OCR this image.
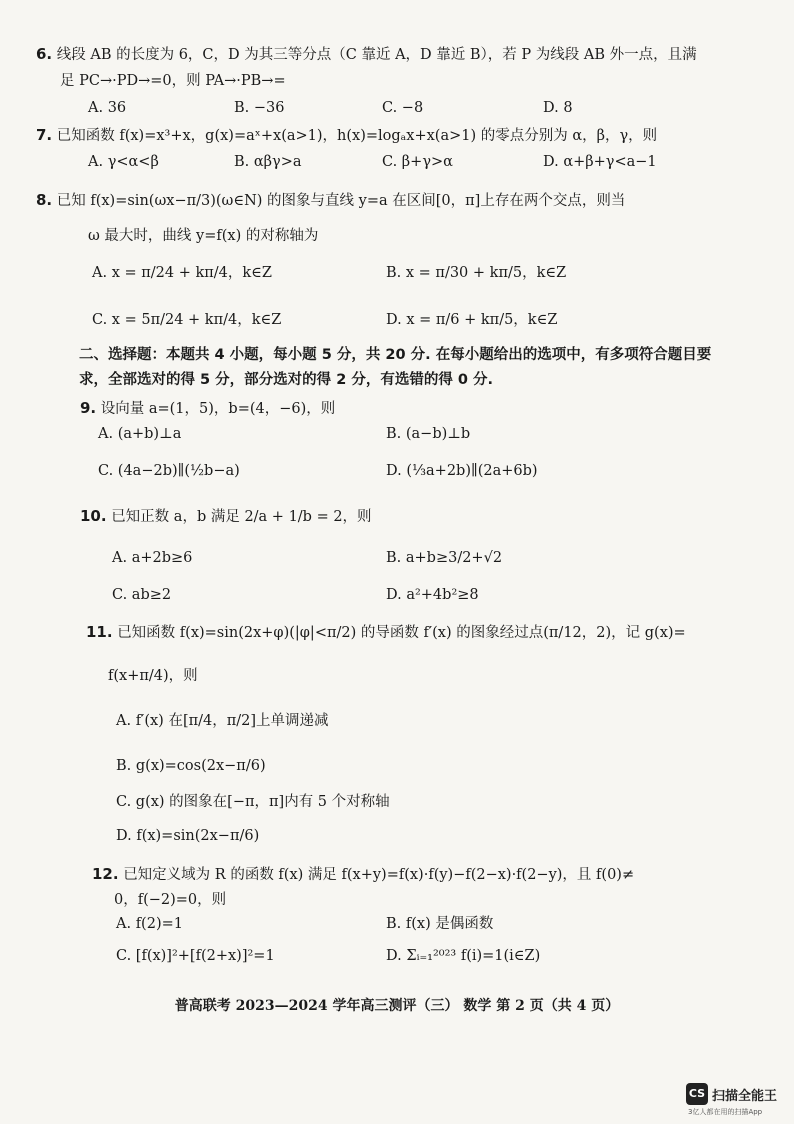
6. 线段 AB 的长度为 6，C，D 为其三等分点（C 靠近 A，D 靠近 B），若 P 为线段 AB 外一点，且满
足 PC→·PD→=0，则 PA→·PB→=
A. 36	B. −36	C. −8	D. 8
7. 已知函数 f(x)=x³+x，g(x)=aˣ+x(a>1)，h(x)=logₐx+x(a>1) 的零点分别为 α，β，γ，则
A. γ<α<β	B. αβγ>a	C. β+γ>α	D. α+β+γ<a−1
8. 已知 f(x)=sin(ωx−π/3)(ω∈N) 的图象与直线 y=a 在区间[0，π]上存在两个交点，则当
ω 最大时，曲线 y=f(x) 的对称轴为
A. x = π/24 + kπ/4，k∈Z	B. x = π/30 + kπ/5，k∈Z
C. x = 5π/24 + kπ/4，k∈Z	D. x = π/6 + kπ/5，k∈Z
二、选择题：本题共 4 小题，每小题 5 分，共 20 分. 在每小题给出的选项中，有多项符合题目要
求，全部选对的得 5 分，部分选对的得 2 分，有选错的得 0 分.
9. 设向量 a=(1，5)，b=(4，−6)，则
A. (a+b)⊥a	B. (a−b)⊥b
C. (4a−2b)∥(½b−a)	D. (⅓a+2b)∥(2a+6b)
10. 已知正数 a，b 满足 2/a + 1/b = 2，则
A. a+2b≥6	B. a+b≥3/2+√2
C. ab≥2	D. a²+4b²≥8
11. 已知函数 f(x)=sin(2x+φ)(|φ|<π/2) 的导函数 f′(x) 的图象经过点(π/12，2)，记 g(x)=
f(x+π/4)，则
A. f′(x) 在[π/4，π/2]上单调递减
B. g(x)=cos(2x−π/6)
C. g(x) 的图象在[−π，π]内有 5 个对称轴
D. f(x)=sin(2x−π/6)
12. 已知定义域为 R 的函数 f(x) 满足 f(x+y)=f(x)·f(y)−f(2−x)·f(2−y)，且 f(0)≠
0，f(−2)=0，则
A. f(2)=1	B. f(x) 是偶函数
C. [f(x)]²+[f(2+x)]²=1	D. Σᵢ₌₁²⁰²³ f(i)=1(i∈Z)
普高联考 2023—2024 学年高三测评（三） 数学 第 2 页（共 4 页）
CS 扫描全能王
3亿人都在用的扫描App
